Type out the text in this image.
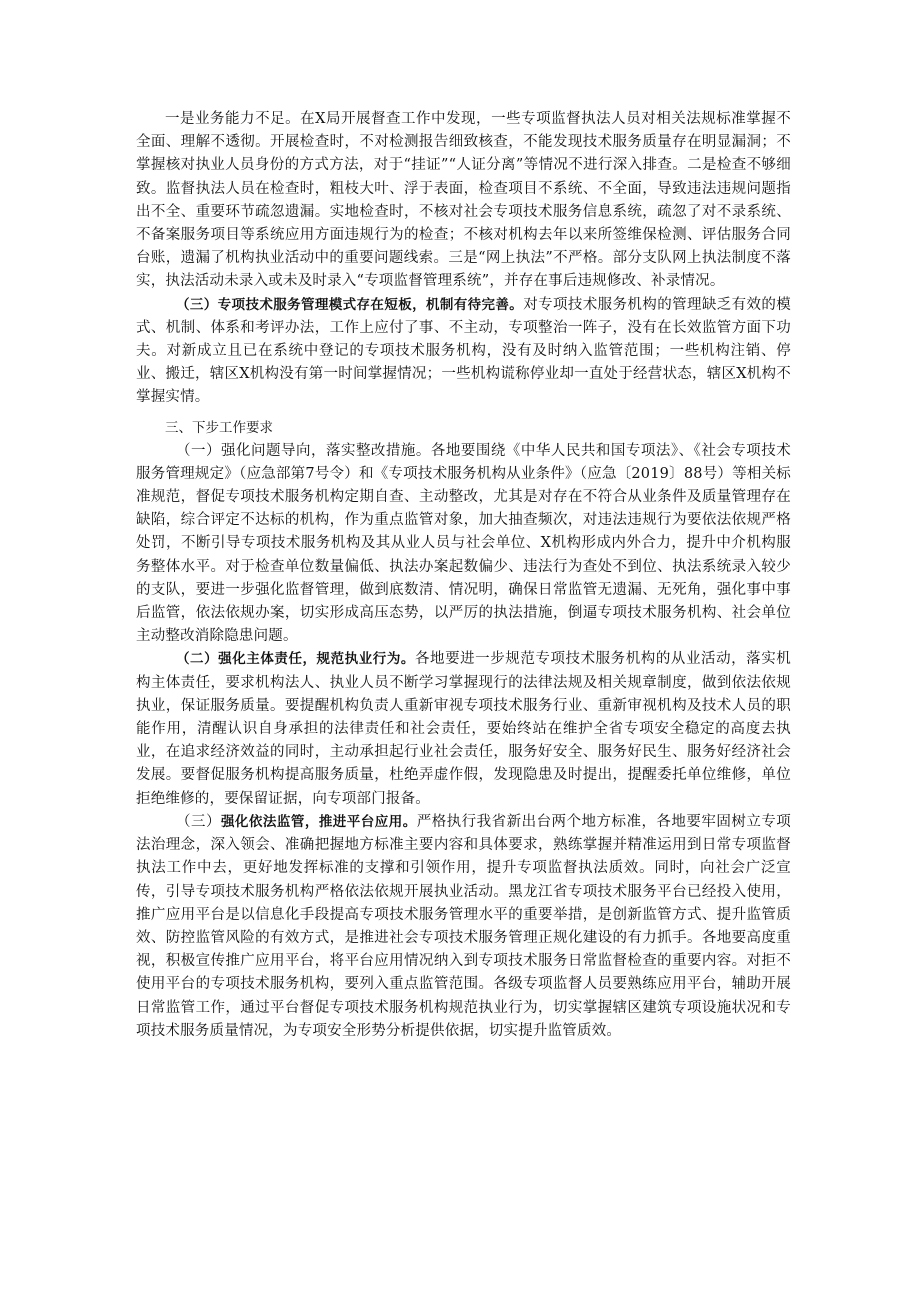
一是业务能力不足。在X局开展督查工作中发现，一些专项监督执法人员对相关法规标准掌握不全面、理解不透彻。开展检查时，不对检测报告细致核查，不能发现技术服务质量存在明显漏洞；不掌握核对执业人员身份的方式方法，对于“挂证”“人证分离”等情况不进行深入排查。二是检查不够细致。监督执法人员在检查时，粗枝大叶、浮于表面，检查项目不系统、不全面，导致违法违规问题指出不全、重要环节疏忽遗漏。实地检查时，不核对社会专项技术服务信息系统，疏忽了对不录系统、不备案服务项目等系统应用方面违规行为的检查；不核对机构去年以来所签维保检测、评估服务合同台账，遗漏了机构执业活动中的重要问题线索。三是“网上执法”不严格。部分支队网上执法制度不落实，执法活动未录入或未及时录入“专项监督管理系统”，并存在事后违规修改、补录情况。

（三）专项技术服务管理模式存在短板，机制有待完善。对专项技术服务机构的管理缺乏有效的模式、机制、体系和考评办法，工作上应付了事、不主动，专项整治一阵子，没有在长效监管方面下功夫。对新成立且已在系统中登记的专项技术服务机构，没有及时纳入监管范围；一些机构注销、停业、搬迁，辖区X机构没有第一时间掌握情况；一些机构谎称停业却一直处于经营状态，辖区X机构不掌握实情。

三、下步工作要求

（一）强化问题导向，落实整改措施。各地要围绕《中华人民共和国专项法》、《社会专项技术服务管理规定》（应急部第7号令）和《专项技术服务机构从业条件》（应急〔2019〕88号）等相关标准规范，督促专项技术服务机构定期自查、主动整改，尤其是对存在不符合从业条件及质量管理存在缺陷，综合评定不达标的机构，作为重点监管对象，加大抽查频次，对违法违规行为要依法依规严格处罚，不断引导专项技术服务机构及其从业人员与社会单位、X机构形成内外合力，提升中介机构服务整体水平。对于检查单位数量偏低、执法办案起数偏少、违法行为查处不到位、执法系统录入较少的支队，要进一步强化监督管理，做到底数清、情况明，确保日常监管无遗漏、无死角，强化事中事后监管，依法依规办案，切实形成高压态势，以严厉的执法措施，倒逼专项技术服务机构、社会单位主动整改消除隐患问题。

（二）强化主体责任，规范执业行为。各地要进一步规范专项技术服务机构的从业活动，落实机构主体责任，要求机构法人、执业人员不断学习掌握现行的法律法规及相关规章制度，做到依法依规执业，保证服务质量。要提醒机构负责人重新审视专项技术服务行业、重新审视机构及技术人员的职能作用，清醒认识自身承担的法律责任和社会责任，要始终站在维护全省专项安全稳定的高度去执业，在追求经济效益的同时，主动承担起行业社会责任，服务好安全、服务好民生、服务好经济社会发展。要督促服务机构提高服务质量，杜绝弄虚作假，发现隐患及时提出，提醒委托单位维修，单位拒绝维修的，要保留证据，向专项部门报备。

（三）强化依法监管，推进平台应用。严格执行我省新出台两个地方标准，各地要牢固树立专项法治理念，深入领会、准确把握地方标准主要内容和具体要求，熟练掌握并精准运用到日常专项监督执法工作中去，更好地发挥标准的支撑和引领作用，提升专项监督执法质效。同时，向社会广泛宣传，引导专项技术服务机构严格依法依规开展执业活动。黑龙江省专项技术服务平台已经投入使用，推广应用平台是以信息化手段提高专项技术服务管理水平的重要举措，是创新监管方式、提升监管质效、防控监管风险的有效方式，是推进社会专项技术服务管理正规化建设的有力抓手。各地要高度重视，积极宣传推广应用平台，将平台应用情况纳入到专项技术服务日常监督检查的重要内容。对拒不使用平台的专项技术服务机构，要列入重点监管范围。各级专项监督人员要熟练应用平台，辅助开展日常监管工作，通过平台督促专项技术服务机构规范执业行为，切实掌握辖区建筑专项设施状况和专项技术服务质量情况，为专项安全形势分析提供依据，切实提升监管质效。
